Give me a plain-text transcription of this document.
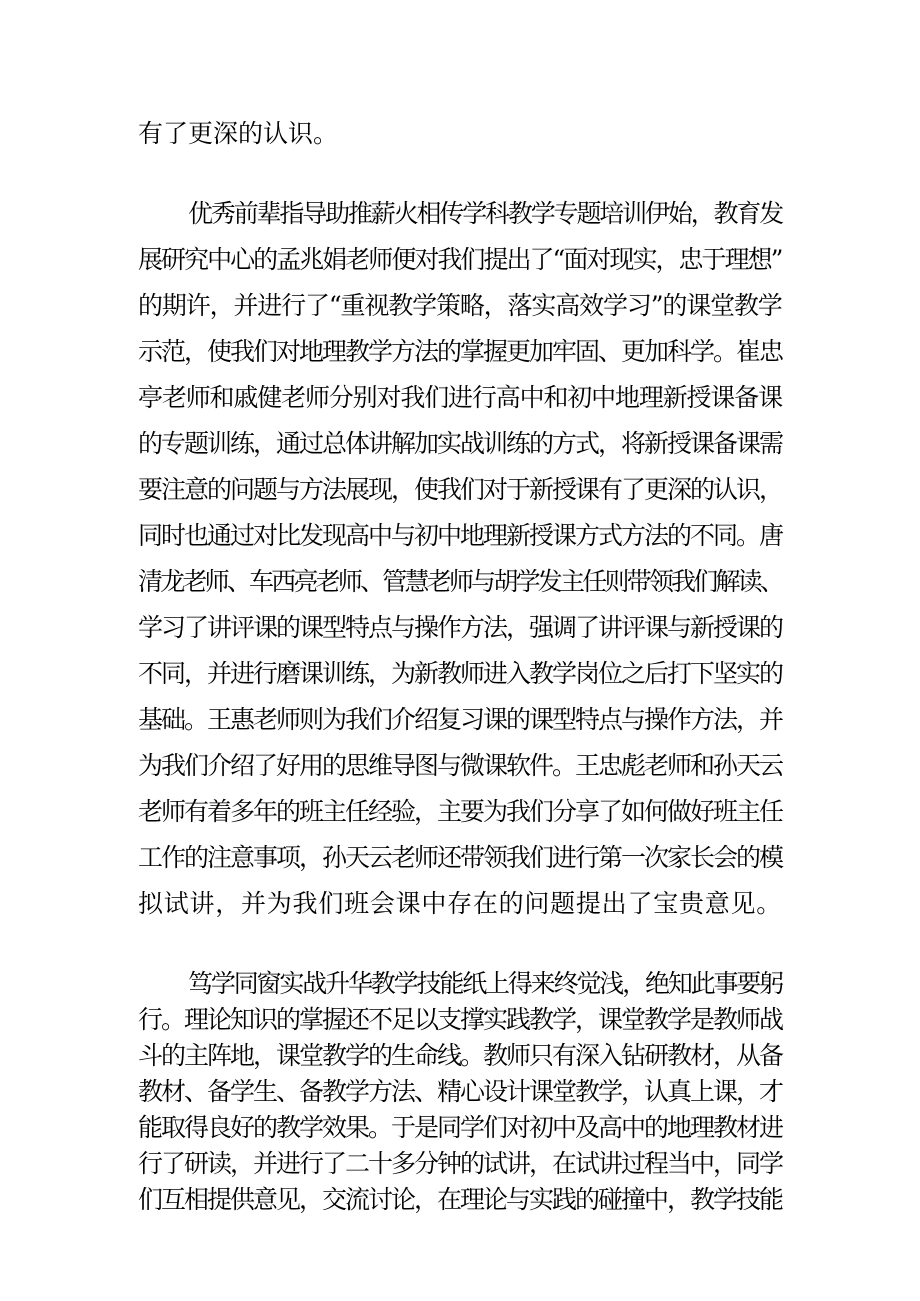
有了更深的认识。

优秀前辈指导助推薪火相传学科教学专题培训伊始，教育发

展研究中心的孟兆娟老师便对我们提出了“面对现实，忠于理想”

的期许，并进行了“重视教学策略，落实高效学习”的课堂教学

示范，使我们对地理教学方法的掌握更加牢固、更加科学。崔忠

亭老师和戚健老师分别对我们进行高中和初中地理新授课备课

的专题训练，通过总体讲解加实战训练的方式，将新授课备课需

要注意的问题与方法展现，使我们对于新授课有了更深的认识，

同时也通过对比发现高中与初中地理新授课方式方法的不同。唐

清龙老师、车西亮老师、管慧老师与胡学发主任则带领我们解读、

学习了讲评课的课型特点与操作方法，强调了讲评课与新授课的

不同，并进行磨课训练，为新教师进入教学岗位之后打下坚实的

基础。王惠老师则为我们介绍复习课的课型特点与操作方法，并

为我们介绍了好用的思维导图与微课软件。王忠彪老师和孙天云

老师有着多年的班主任经验，主要为我们分享了如何做好班主任

工作的注意事项，孙天云老师还带领我们进行第一次家长会的模

拟试讲，并为我们班会课中存在的问题提出了宝贵意见。

笃学同窗实战升华教学技能纸上得来终觉浅，绝知此事要躬

行。理论知识的掌握还不足以支撑实践教学，课堂教学是教师战

斗的主阵地，课堂教学的生命线。教师只有深入钻研教材，从备

教材、备学生、备教学方法、精心设计课堂教学，认真上课，才

能取得良好的教学效果。于是同学们对初中及高中的地理教材进

行了研读，并进行了二十多分钟的试讲，在试讲过程当中，同学

们互相提供意见，交流讨论，在理论与实践的碰撞中，教学技能
